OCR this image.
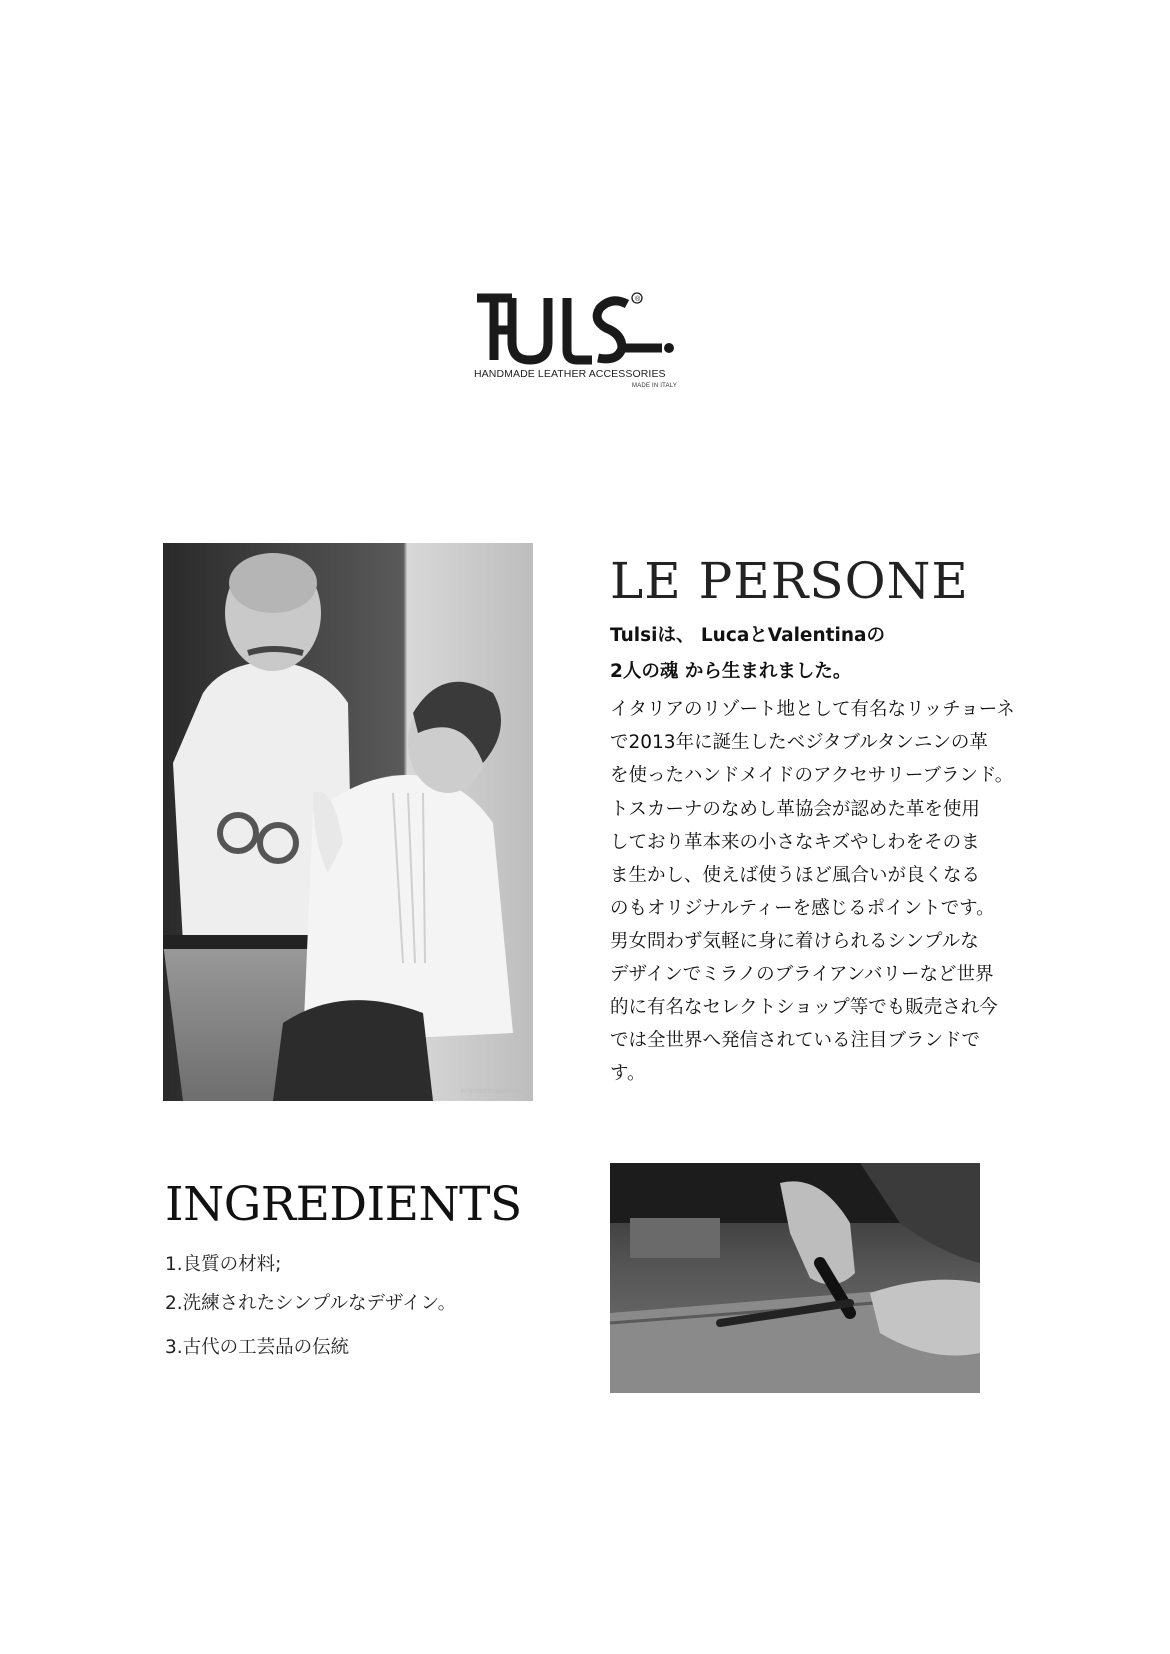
®
HANDMADE LEATHER ACCESSORIES
MADE IN ITALY
PH ROBERTO BARONCINI
LE PERSONE
Tulsiは、 LucaとValentinaの
2人の魂 から生まれました。
イタリアのリゾート地として有名なリッチョーネ
で2013年に誕生したベジタブルタンニンの革
を使ったハンドメイドのアクセサリーブランド。
トスカーナのなめし革協会が認めた革を使用
しており革本来の小さなキズやしわをそのま
ま生かし、使えば使うほど風合いが良くなる
のもオリジナルティーを感じるポイントです。
男女問わず気軽に身に着けられるシンプルな
デザインでミラノのブライアンバリーなど世界
的に有名なセレクトショップ等でも販売され今
では全世界へ発信されている注目ブランドで
す。
INGREDIENTS
1.良質の材料;
2.洗練されたシンプルなデザイン。
3.古代の工芸品の伝統
